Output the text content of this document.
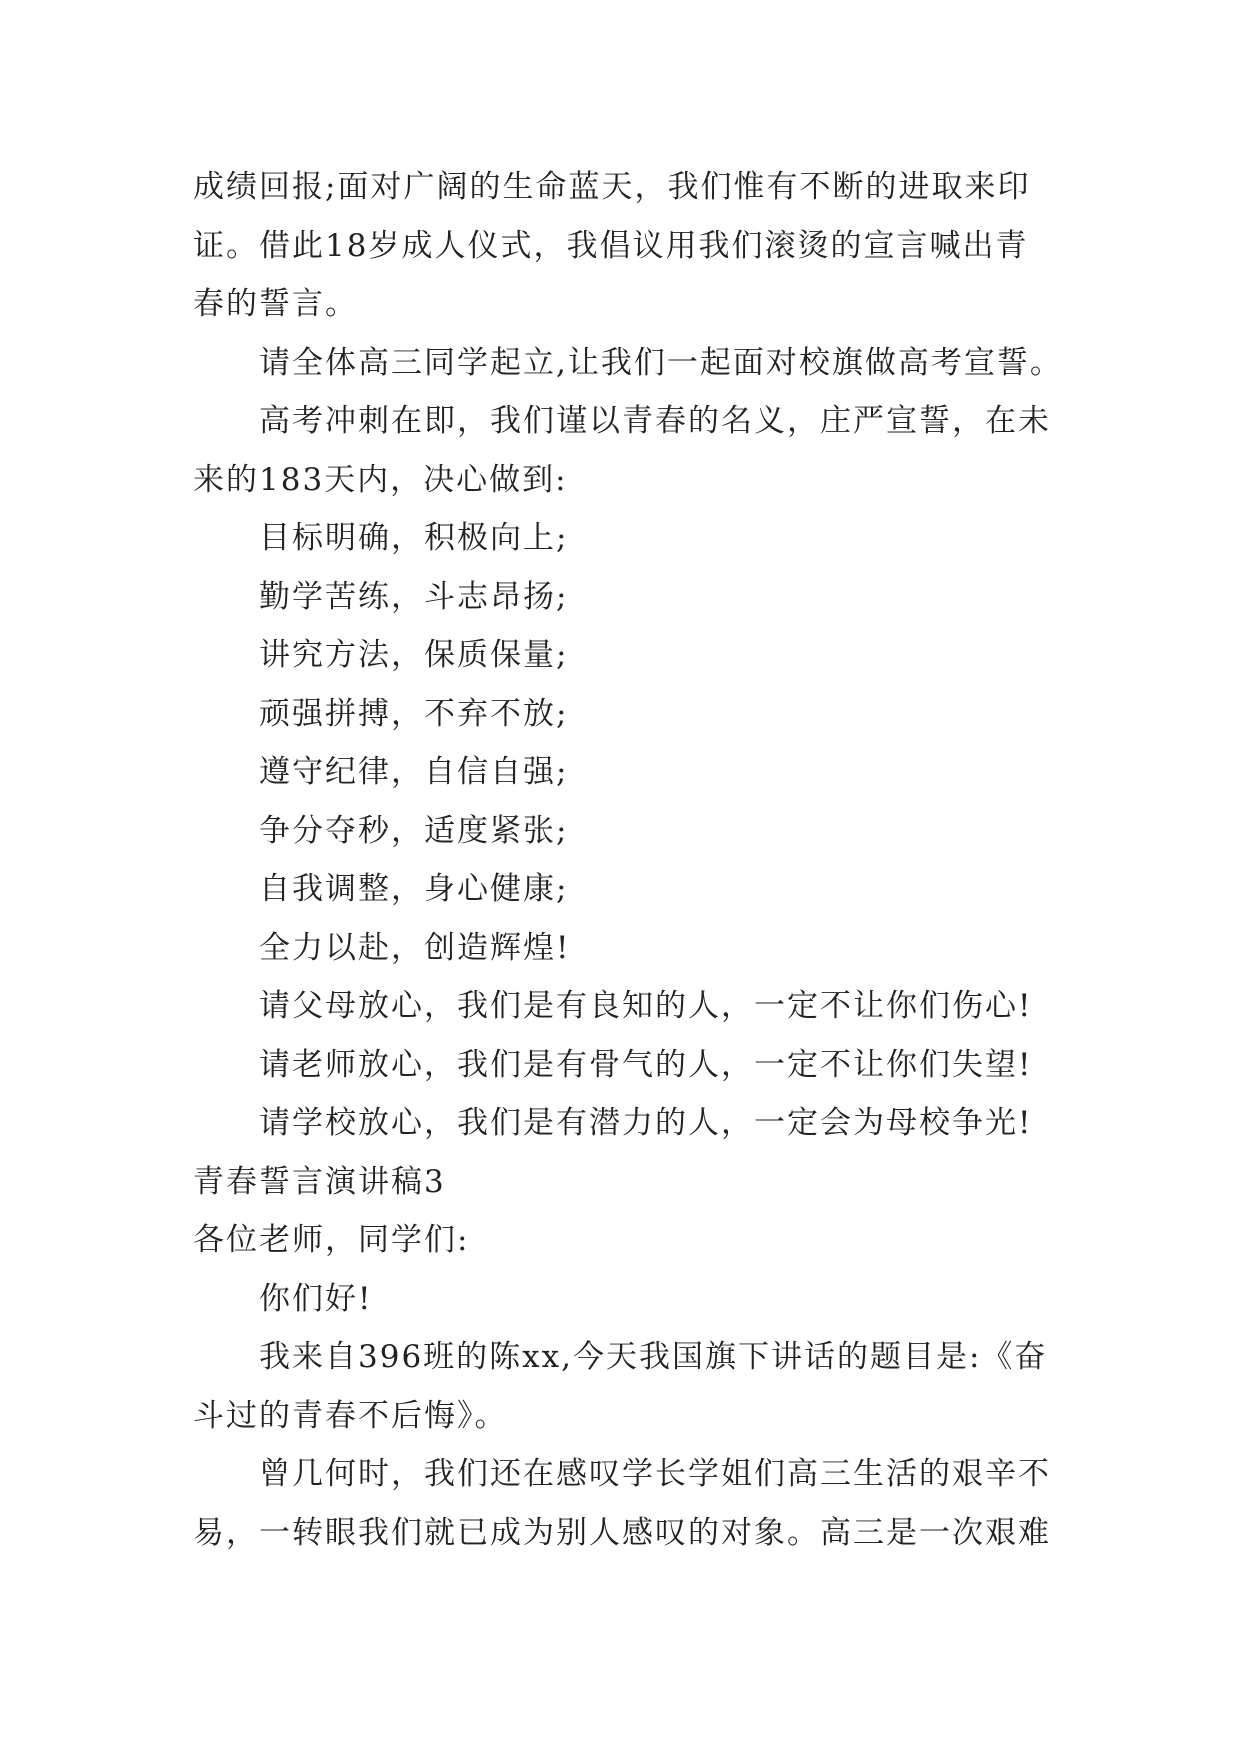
成绩回报;面对广阔的生命蓝天，我们惟有不断的进取来印证。借此18岁成人仪式，我倡议用我们滚烫的宣言喊出青春的誓言。

请全体高三同学起立,让我们一起面对校旗做高考宣誓。

高考冲刺在即，我们谨以青春的名义，庄严宣誓，在未来的183天内，决心做到:

目标明确，积极向上;

勤学苦练，斗志昂扬;

讲究方法，保质保量;

顽强拼搏，不弃不放;

遵守纪律，自信自强;

争分夺秒，适度紧张;

自我调整，身心健康;

全力以赴，创造辉煌!

请父母放心，我们是有良知的人，一定不让你们伤心!

请老师放心，我们是有骨气的人，一定不让你们失望!

请学校放心，我们是有潜力的人，一定会为母校争光!

青春誓言演讲稿3

各位老师，同学们:

你们好!

我来自396班的陈xx,今天我国旗下讲话的题目是:《奋斗过的青春不后悔》。

曾几何时，我们还在感叹学长学姐们高三生活的艰辛不易，一转眼我们就已成为别人感叹的对象。高三是一次艰难
